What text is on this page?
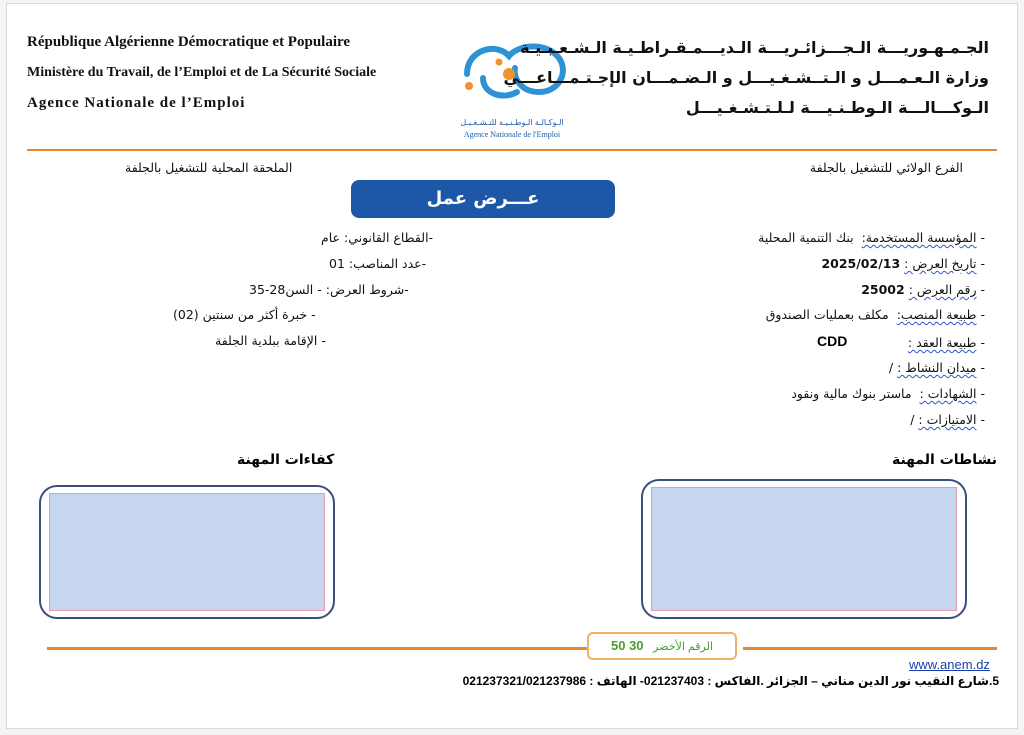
République Algérienne Démocratique et Populaire
Ministère du Travail, de l’Emploi et de La Sécurité Sociale
Agence Nationale de l’Emploi
الـوكـالـة الـوطـنـيـة للتـشـغـيـل
Agence Nationale de l'Emploi
الجـمـهـوريـــة الـجـــزائـريـــة الـديـــمـقـراطـيـة الـشـعـبـيـة
وزارة الـعـمـــل و الـتــشـغـيـــل و الـضـمـــان الإجـتـمـــاعـــي
الـوكـــالـــة الـوطـنـيـــة لـلـتـشـغـيـــل
الفرع الولائي للتشغيل بالجلفة
الملحقة المحلية للتشغيل بالجلفة
عـــرض عمل
- المؤسسة المستخدمة:  بنك التنمية المحلية
- تاريخ العرض : 2025/02/13
- رقم العرض : 25002
- طبيعة المنصب:  مكلف بعمليات الصندوق
- طبيعة العقد :
CDD
- ميدان النشاط : /
- الشهادات :  ماستر بنوك مالية ونقود
- الامتيازات : /
-القطاع القانوني: عام
-عدد المناصب: 01
-شروط العرض: - السن28-35
- خبرة أكثر من سنتين (02)
- الإقامة ببلدية الجلفة
نشاطات المهنة
كفاءات المهنة
الرقم الأخضر 30 50
www.anem.dz
5.شارع النقيب نور الدين مناني – الجزائر .الفاكس : 021237403- الهاتف : 021237321/021237986
